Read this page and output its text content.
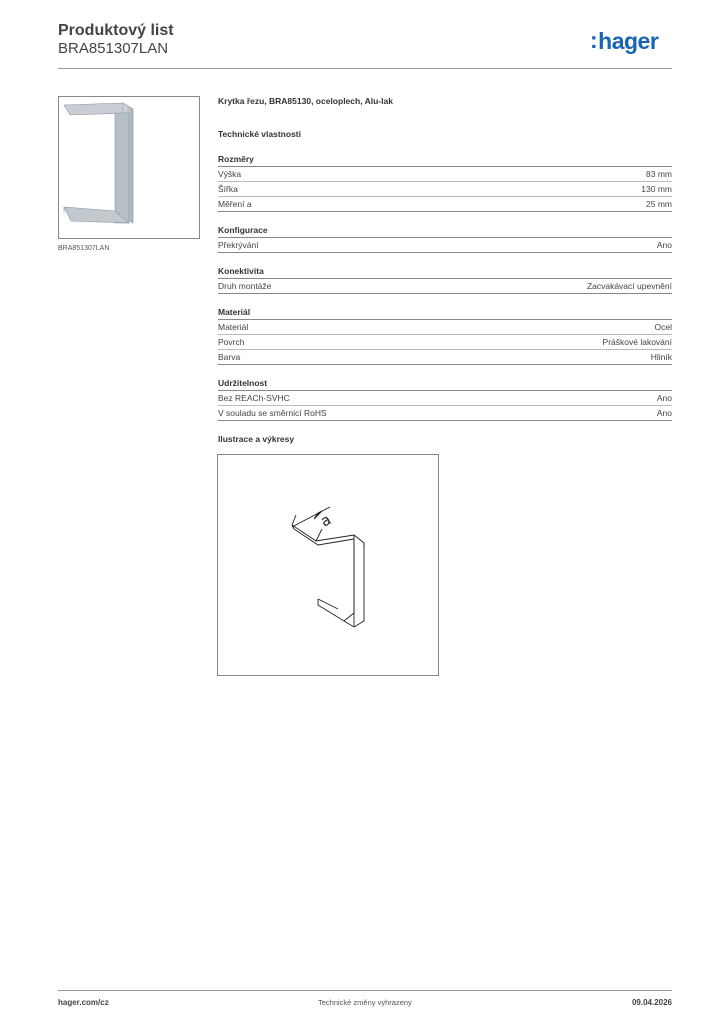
Produktový list
BRA851307LAN	:hager
BRA851307LAN
Krytka řezu, BRA85130, oceloplech, Alu-lak
Technické vlastnosti
Rozměry
Výška	83 mm
Šířka	130 mm
Měření a	25 mm
Konfigurace
Překrývání	Ano
Konektivita
Druh montáže	Zacvakávací upevnění
Materiál
Materiál	Ocel
Povrch	Práškové lakování
Barva	Hliník
Udržitelnost
Bez REACh-SVHC	Ano
V souladu se směrnicí RoHS	Ano
Ilustrace a výkresy
a
hager.com/cz	Technické změny vyhrazeny	09.04.2026
